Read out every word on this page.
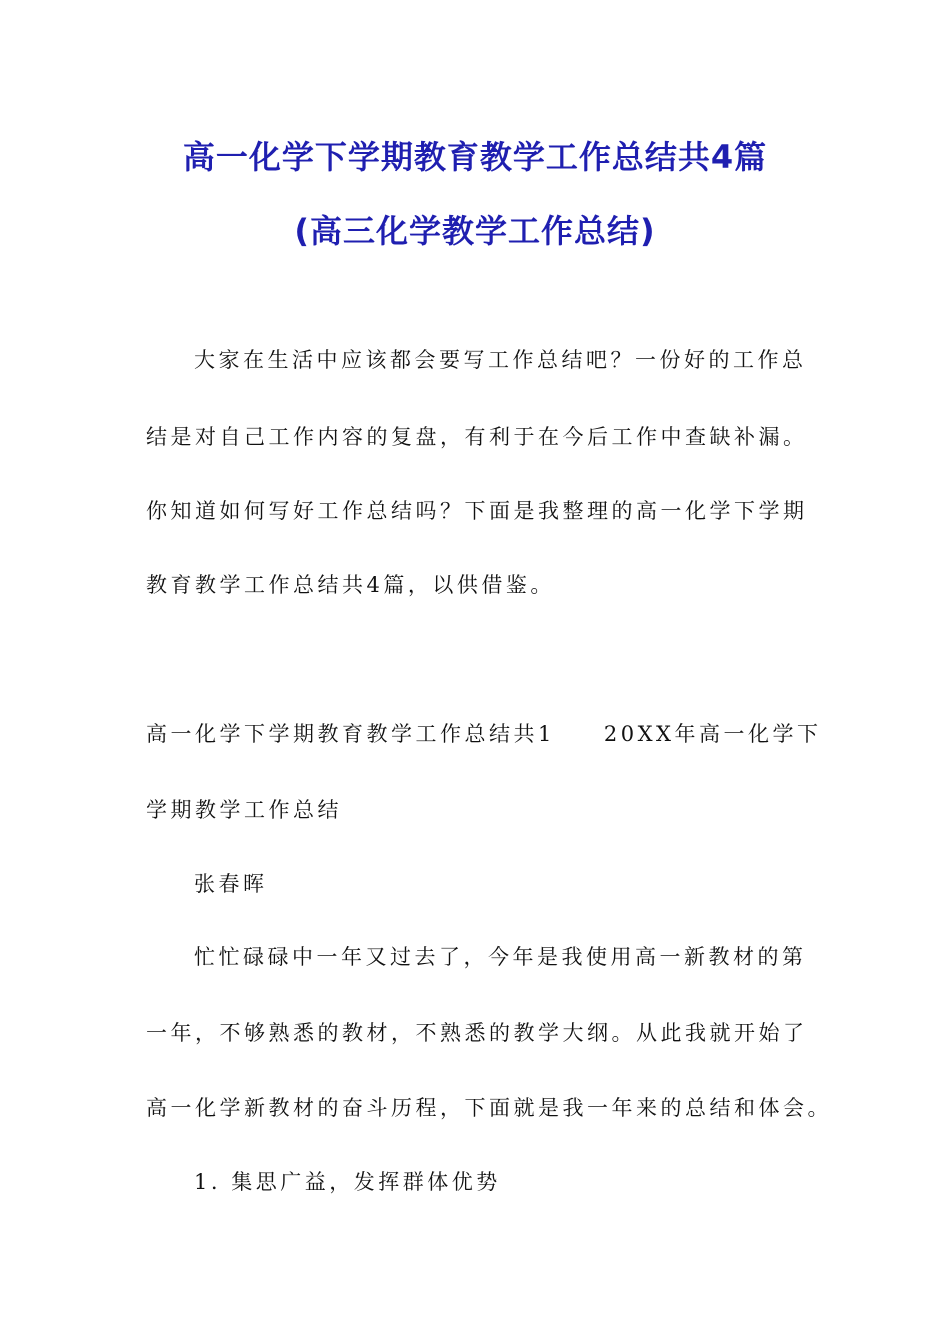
高一化学下学期教育教学工作总结共4篇
(高三化学教学工作总结)
大家在生活中应该都会要写工作总结吧？一份好的工作总
结是对自己工作内容的复盘，有利于在今后工作中查缺补漏。
你知道如何写好工作总结吗？下面是我整理的高一化学下学期
教育教学工作总结共4篇，以供借鉴。
高一化学下学期教育教学工作总结共1　　20XX年高一化学下
学期教学工作总结
张春晖
忙忙碌碌中一年又过去了，今年是我使用高一新教材的第
一年，不够熟悉的教材，不熟悉的教学大纲。从此我就开始了
高一化学新教材的奋斗历程，下面就是我一年来的总结和体会。
1. 集思广益，发挥群体优势
